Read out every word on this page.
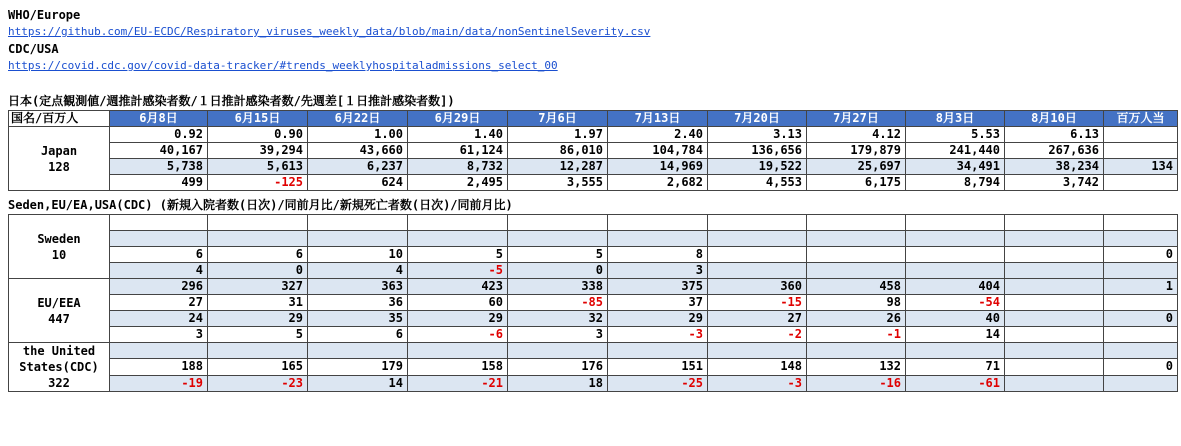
WHO/Europe
https://github.com/EU-ECDC/Respiratory_viruses_weekly_data/blob/main/data/nonSentinelSeverity.csv
CDC/USA
https://covid.cdc.gov/covid-data-tracker/#trends_weeklyhospitaladmissions_select_00
日本(定点観測値/週推計感染者数/１日推計感染者数/先週差[１日推計感染者数])
国名/百万人	6月8日	6月15日	6月22日	6月29日	7月6日	7月13日	7月20日	7月27日	8月3日	8月10日	百万人当

Japan
128	0.92	0.90	1.00	1.40	1.97	2.40	3.13	4.12	5.53	6.13	
	40,167	39,294	43,660	61,124	86,010	104,784	136,656	179,879	241,440	267,636	
	5,738	5,613	6,237	8,732	12,287	14,969	19,522	25,697	34,491	38,234	134
	499	-125	624	2,495	3,555	2,682	4,553	6,175	8,794	3,742	
Seden,EU/EA,USA(CDC) (新規入院者数(日次)/同前月比/新規死亡者数(日次)/同前月比)
Sweden
10											

	6	6	10	5	5	8					0
	4	0	4	-5	0	3					

EU/EEA
447	296	327	363	423	338	375	360	458	404		1
	27	31	36	60	-85	37	-15	98	-54		
	24	29	35	29	32	29	27	26	40		0
	3	5	6	-6	3	-3	-2	-1	14		

the United
States(CDC)
322											

	188	165	179	158	176	151	148	132	71		0
	-19	-23	14	-21	18	-25	-3	-16	-61		
